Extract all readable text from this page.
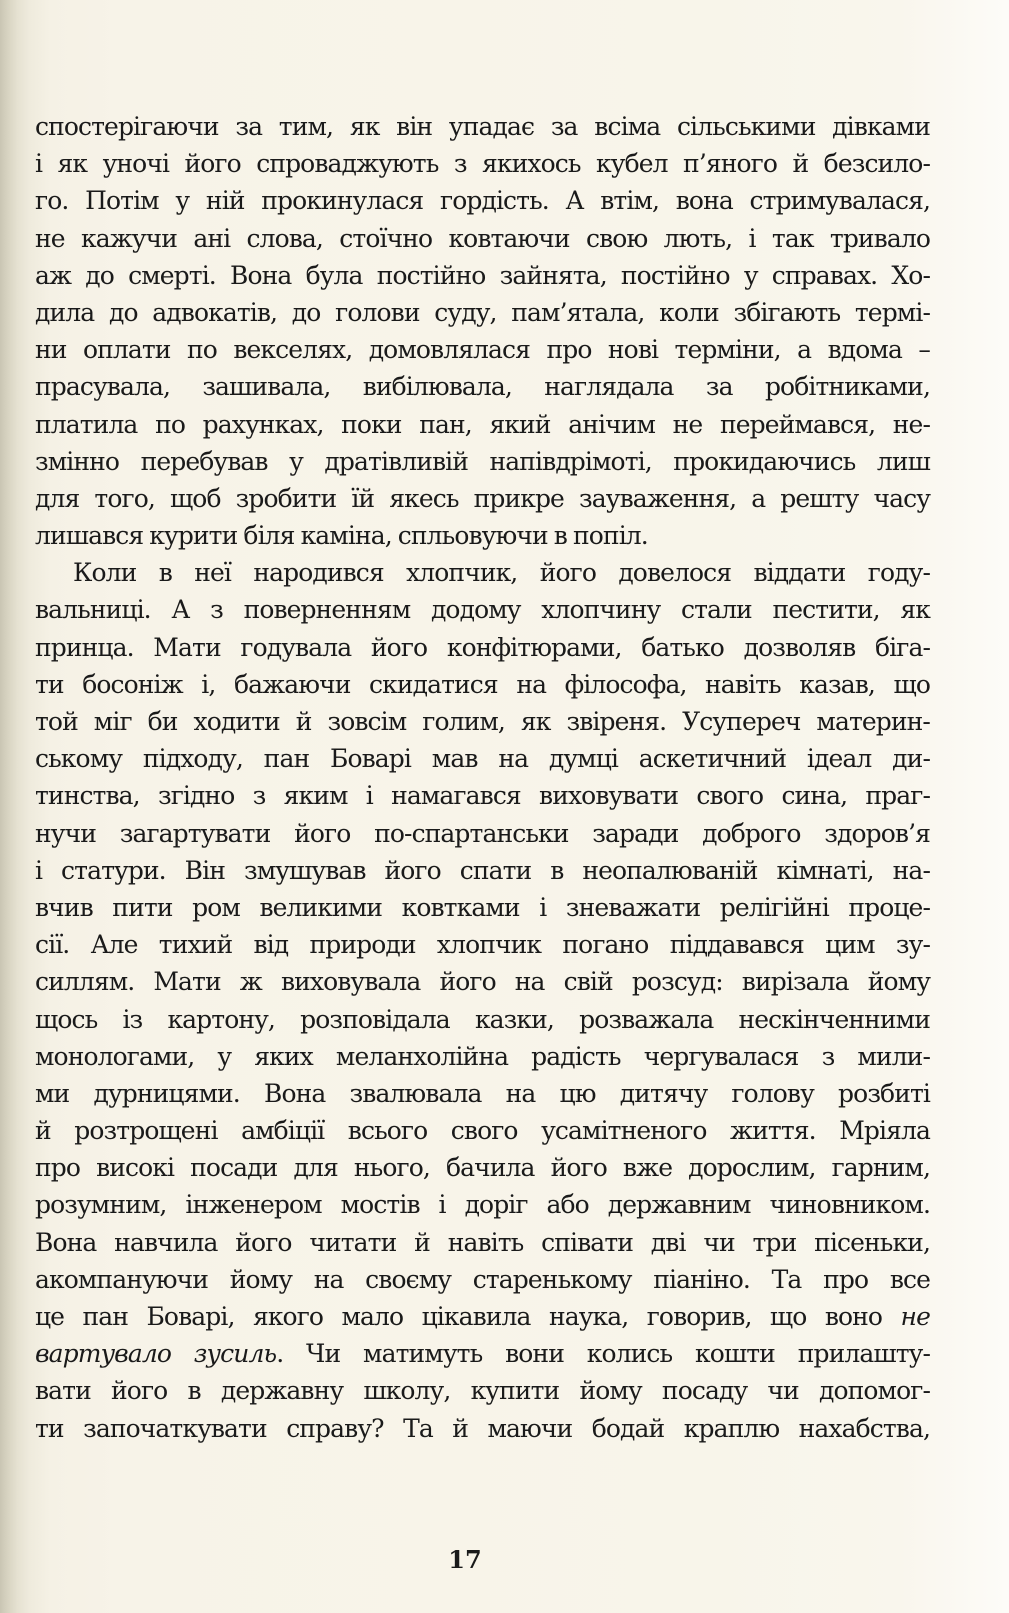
спостерігаючи за тим, як він упадає за всіма сільськими дівками
і як уночі його спроваджують з якихось кубел п’яного й безсило-
го. Потім у ній прокинулася гордість. А втім, вона стримувалася,
не кажучи ані слова, стоїчно ковтаючи свою лють, і так тривало
аж до смерті. Вона була постійно зайнята, постійно у справах. Хо-
дила до адвокатів, до голови суду, пам’ятала, коли збігають термі-
ни оплати по векселях, домовлялася про нові терміни, а вдома –
прасувала, зашивала, вибілювала, наглядала за робітниками,
платила по рахунках, поки пан, який анічим не переймався, не-
змінно перебував у дратівливій напівдрімоті, прокидаючись лиш
для того, щоб зробити їй якесь прикре зауваження, а решту часу
лишався курити біля каміна, спльовуючи в попіл.
Коли в неї народився хлопчик, його довелося віддати году-
вальниці. А з поверненням додому хлопчину стали пестити, як
принца. Мати годувала його конфітюрами, батько дозволяв біга-
ти босоніж і, бажаючи скидатися на філософа, навіть казав, що
той міг би ходити й зовсім голим, як звіреня. Усупереч материн-
ському підходу, пан Боварі мав на думці аскетичний ідеал ди-
тинства, згідно з яким і намагався виховувати свого сина, праг-
нучи загартувати його по-спартанськи заради доброго здоров’я
і статури. Він змушував його спати в неопалюваній кімнаті, на-
вчив пити ром великими ковтками і зневажати релігійні проце-
сії. Але тихий від природи хлопчик погано піддавався цим зу-
силлям. Мати ж виховувала його на свій розсуд: вирізала йому
щось із картону, розповідала казки, розважала нескінченними
монологами, у яких меланхолійна радість чергувалася з мили-
ми дурницями. Вона звалювала на цю дитячу голову розбиті
й розтрощені амбіції всього свого усамітненого життя. Мріяла
про високі посади для нього, бачила його вже дорослим, гарним,
розумним, інженером мостів і доріг або державним чиновником.
Вона навчила його читати й навіть співати дві чи три пісеньки,
акомпануючи йому на своєму старенькому піаніно. Та про все
це пан Боварі, якого мало цікавила наука, говорив, що воно не
вартувало зусиль. Чи матимуть вони колись кошти прилашту-
вати його в державну школу, купити йому посаду чи допомог-
ти започаткувати справу? Та й маючи бодай краплю нахабства,
17
